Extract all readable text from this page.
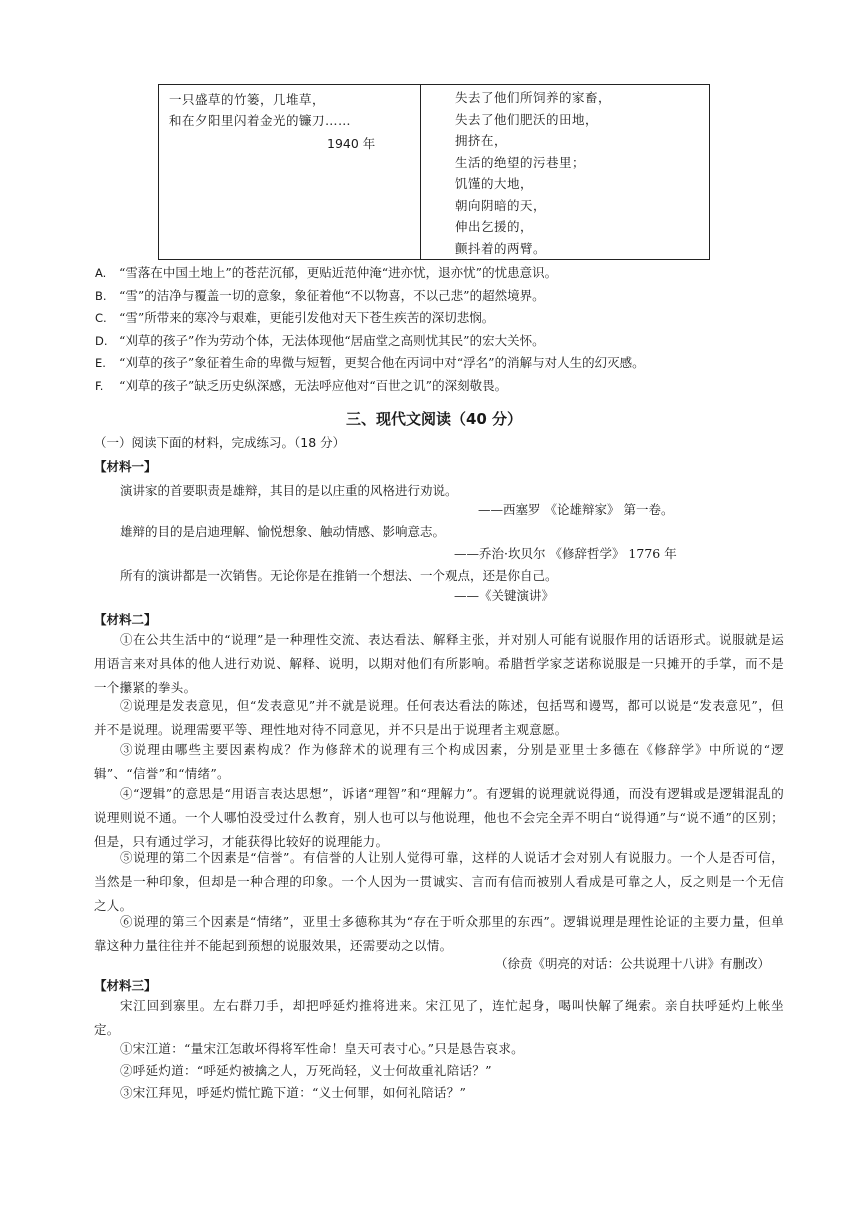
一只盛草的竹篓，几堆草，
和在夕阳里闪着金光的镰刀……
1940 年
失去了他们所饲养的家畜，
失去了他们肥沃的田地，
拥挤在，
生活的绝望的污巷里；
饥馑的大地，
朝向阴暗的天，
伸出乞援的，
颤抖着的两臂。
A. “雪落在中国土地上”的苍茫沉郁，更贴近范仲淹“进亦忧，退亦忧”的忧患意识。
B. “雪”的洁净与覆盖一切的意象，象征着他“不以物喜，不以己悲”的超然境界。
C. “雪”所带来的寒冷与艰难，更能引发他对天下苍生疾苦的深切悲悯。
D. “刈草的孩子”作为劳动个体，无法体现他“居庙堂之高则忧其民”的宏大关怀。
E. “刈草的孩子”象征着生命的卑微与短暂，更契合他在丙词中对“浮名”的消解与对人生的幻灭感。
F. “刈草的孩子”缺乏历史纵深感，无法呼应他对“百世之讥”的深刻敬畏。
三、现代文阅读（40 分）
（一）阅读下面的材料，完成练习。（18 分）
【材料一】
演讲家的首要职责是雄辩，其目的是以庄重的风格进行劝说。
——西塞罗 《论雄辩家》 第一卷。
雄辩的目的是启迪理解、愉悦想象、触动情感、影响意志。
——乔治·坎贝尔 《修辞哲学》 1776 年
所有的演讲都是一次销售。无论你是在推销一个想法、一个观点，还是你自己。
——《关键演讲》
【材料二】
①在公共生活中的“说理”是一种理性交流、表达看法、解释主张，并对别人可能有说服作用的话语形式。说服就是运用语言来对具体的他人进行劝说、解释、说明，以期对他们有所影响。希腊哲学家芝诺称说服是一只摊开的手掌，而不是一个攥紧的拳头。
②说理是发表意见，但“发表意见”并不就是说理。任何表达看法的陈述，包括骂和谩骂，都可以说是“发表意见”，但并不是说理。说理需要平等、理性地对待不同意见，并不只是出于说理者主观意愿。
③说理由哪些主要因素构成？作为修辞术的说理有三个构成因素，分别是亚里士多德在《修辞学》中所说的“逻辑”、“信誉”和“情绪”。
④“逻辑”的意思是“用语言表达思想”，诉诸“理智”和“理解力”。有逻辑的说理就说得通，而没有逻辑或是逻辑混乱的说理则说不通。一个人哪怕没受过什么教育，别人也可以与他说理，他也不会完全弄不明白“说得通”与“说不通”的区别；但是，只有通过学习，才能获得比较好的说理能力。
⑤说理的第二个因素是“信誉”。有信誉的人让别人觉得可靠，这样的人说话才会对别人有说服力。一个人是否可信，当然是一种印象，但却是一种合理的印象。一个人因为一贯诚实、言而有信而被别人看成是可靠之人，反之则是一个无信之人。
⑥说理的第三个因素是“情绪”，亚里士多德称其为“存在于听众那里的东西”。逻辑说理是理性论证的主要力量，但单靠这种力量往往并不能起到预想的说服效果，还需要动之以情。
（徐贲《明亮的对话：公共说理十八讲》有删改）
【材料三】
宋江回到寨里。左右群刀手，却把呼延灼推将进来。宋江见了，连忙起身，喝叫快解了绳索。亲自扶呼延灼上帐坐定。
①宋江道：“量宋江怎敢坏得将军性命！皇天可表寸心。”只是恳告哀求。
②呼延灼道：“呼延灼被擒之人，万死尚轻，义士何故重礼陪话？”
③宋江拜见，呼延灼慌忙跪下道：“义士何罪，如何礼陪话？”
